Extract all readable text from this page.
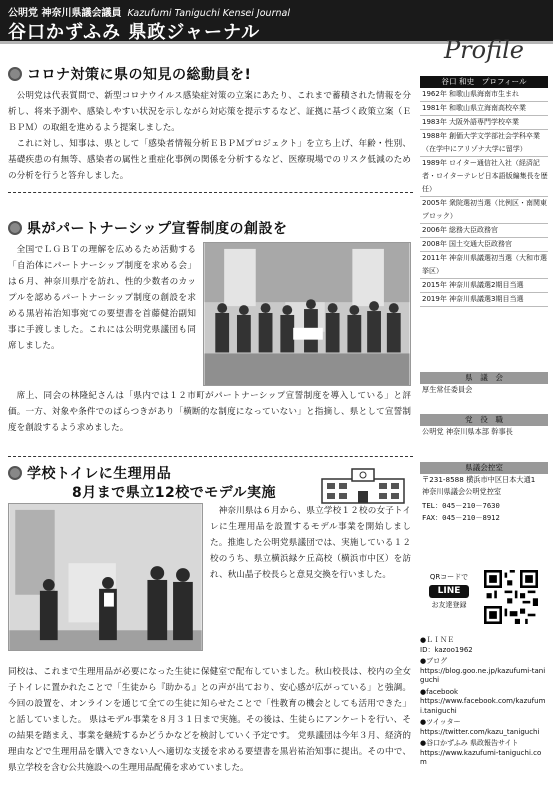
公明党 神奈川県議会議員 Kazufumi Taniguchi Kensei Journal
谷口かずふみ 県政ジャーナル
コロナ対策に県の知見の総動員を!
公明党は代表質問で、新型コロナウイルス感染症対策の立案にあたり、これまで蓄積された情報を分析し、将来予測や、感染しやすい状況を示しながら対応策を提示するなど、証拠に基づく政策立案（ＥＢＰＭ）の取組を進めるよう提案しました。
これに対し、知事は、県として「感染者情報分析ＥＢＰＭプロジェクト」を立ち上げ、年齢・性別、基礎疾患の有無等、感染者の属性と重症化事例の関係を分析するなど、医療現場でのリスク低減のための分析を行うと答弁しました。
県がパートナーシップ宣誓制度の創設を
全国でＬＧＢＴの理解を広めるため活動する「自治体にパートナーシップ制度を求める会」は６月、神奈川県庁を訪れ、性的少数者のカップルを認めるパートナーシップ制度の創設を求める黒岩祐治知事宛ての要望書を首藤健治副知事に手渡しました。これには公明党県議団も同席しました。
席上、同会の林隆紀さんは「県内では１２市町がパートナーシップ宣誓制度を導入している」と評価。一方、対象や条件でのばらつきがあり「横断的な制度になっていない」と指摘し、県として宣誓制度を創設するよう求めました。
学校トイレに生理用品
8月まで県立12校でモデル実施
神奈川県は６月から、県立学校１２校の女子トイレに生理用品を設置するモデル事業を開始しました。推進した公明党県議団では、実施している１２校のうち、県立横浜緑ケ丘高校（横浜市中区）を訪れ、秋山晶子校長らと意見交換を行いました。
同校は、これまで生理用品が必要になった生徒に保健室で配布していました。秋山校長は、校内の全女子トイレに置かれたことで「生徒から『助かる』との声が出ており、安心感が広がっている」と強調。今回の設置を、オンラインを通じて全ての生徒に知らせたことで「性教育の機会としても活用できた」と話していました。 県はモデル事業を８月３１日まで実施。その後は、生徒らにアンケートを行い、その結果を踏まえ、事業を継続するかどうかなどを検討していく予定です。 党県議団は今年３月、経済的理由などで生理用品を購入できない人へ適切な支援を求める要望書を黒岩祐治知事に提出。その中で、県立学校を含む公共施設への生理用品配備を求めていました。
Profile
谷口 和史　プロフィール
1962年 和歌山県海南市生まれ
1981年 和歌山県立海南高校卒業
1983年 大阪外語専門学校卒業
1988年 創価大学文学部社会学科卒業（在学中にアリゾナ大学に留学）
1989年 ロイター通信社入社（経済記者・ロイターテレビ日本語版編集長を歴任）
2005年 衆院選初当選（比例区・南関東ブロック）
2006年 総務大臣政務官
2008年 国土交通大臣政務官
2011年 神奈川県議選初当選（大和市選挙区）
2015年 神奈川県議選2期目当選
2019年 神奈川県議選3期目当選
県　議　会
厚生常任委員会
党　役　職
公明党 神奈川県本部 幹事長
県議会控室
〒231-8588 横浜市中区日本大通1
神奈川県議会公明党控室
TEL：045－210－7630
FAX：045－210－8912
QRコードで
LINE
お友達登録
●ＬＩＮＥ
ID：kazoo1962
●ブログ
https://blog.goo.ne.jp/kazufumi-taniguchi
●facebook
https://www.facebook.com/kazufumi.taniguchi
●ツイッター
https://twitter.com/kazu_taniguchi
●谷口かずふみ 県政報告サイト
https://www.kazufumi-taniguchi.com
